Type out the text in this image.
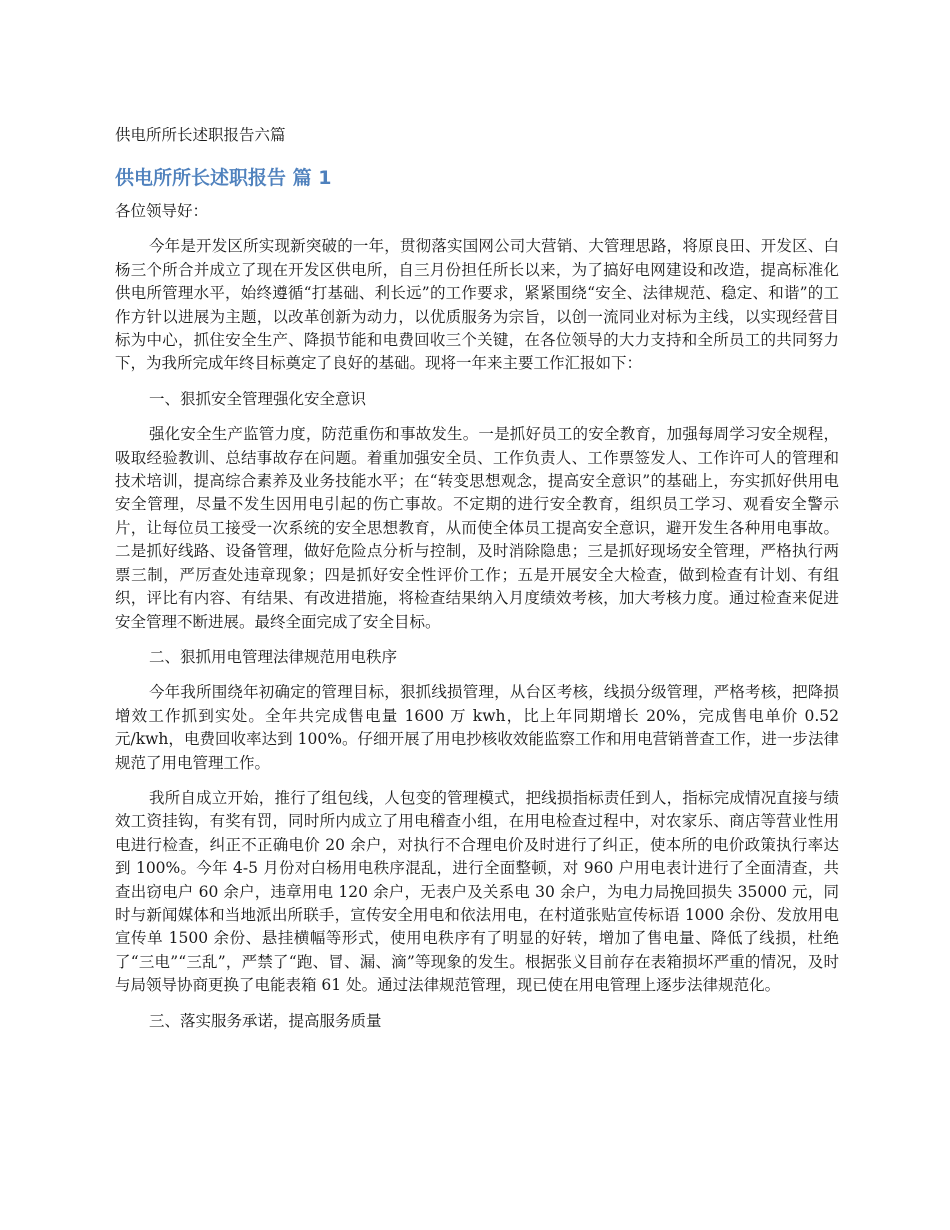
供电所所长述职报告六篇
供电所所长述职报告 篇 1

各位领导好：

今年是开发区所实现新突破的一年，贯彻落实国网公司大营销、大管理思路，将原良田、开发区、白杨三个所合并成立了现在开发区供电所，自三月份担任所长以来，为了搞好电网建设和改造，提高标准化供电所管理水平，始终遵循“打基础、利长远”的工作要求，紧紧围绕“安全、法律规范、稳定、和谐”的工作方针以进展为主题，以改革创新为动力，以优质服务为宗旨，以创一流同业对标为主线，以实现经营目标为中心，抓住安全生产、降损节能和电费回收三个关键，在各位领导的大力支持和全所员工的共同努力下，为我所完成年终目标奠定了良好的基础。现将一年来主要工作汇报如下：

一、狠抓安全管理强化安全意识

强化安全生产监管力度，防范重伤和事故发生。一是抓好员工的安全教育，加强每周学习安全规程，吸取经验教训、总结事故存在问题。着重加强安全员、工作负责人、工作票签发人、工作许可人的管理和技术培训，提高综合素养及业务技能水平；在“转变思想观念，提高安全意识”的基础上，夯实抓好供用电安全管理，尽量不发生因用电引起的伤亡事故。不定期的进行安全教育，组织员工学习、观看安全警示片，让每位员工接受一次系统的安全思想教育，从而使全体员工提高安全意识，避开发生各种用电事故。二是抓好线路、设备管理，做好危险点分析与控制，及时消除隐患；三是抓好现场安全管理，严格执行两票三制，严厉查处违章现象；四是抓好安全性评价工作；五是开展安全大检查，做到检查有计划、有组织，评比有内容、有结果、有改进措施，将检查结果纳入月度绩效考核，加大考核力度。通过检查来促进安全管理不断进展。最终全面完成了安全目标。

二、狠抓用电管理法律规范用电秩序

今年我所围绕年初确定的管理目标，狠抓线损管理，从台区考核，线损分级管理，严格考核，把降损增效工作抓到实处。全年共完成售电量 1600 万 kwh，比上年同期增长 20%，完成售电单价 0.52 元/kwh，电费回收率达到 100%。仔细开展了用电抄核收效能监察工作和用电营销普查工作，进一步法律规范了用电管理工作。

我所自成立开始，推行了组包线，人包变的管理模式，把线损指标责任到人，指标完成情况直接与绩效工资挂钩，有奖有罚，同时所内成立了用电稽查小组，在用电检查过程中，对农家乐、商店等营业性用电进行检查，纠正不正确电价 20 余户，对执行不合理电价及时进行了纠正，使本所的电价政策执行率达到 100%。今年 4-5 月份对白杨用电秩序混乱，进行全面整顿，对 960 户用电表计进行了全面清查，共查出窃电户 60 余户，违章用电 120 余户，无表户及关系电 30 余户，为电力局挽回损失 35000 元，同时与新闻媒体和当地派出所联手，宣传安全用电和依法用电，在村道张贴宣传标语 1000 余份、发放用电宣传单 1500 余份、悬挂横幅等形式，使用电秩序有了明显的好转，增加了售电量、降低了线损，杜绝了“三电”“三乱”，严禁了“跑、冒、漏、滴”等现象的发生。根据张义目前存在表箱损坏严重的情况，及时与局领导协商更换了电能表箱 61 处。通过法律规范管理，现已使在用电管理上逐步法律规范化。

三、落实服务承诺，提高服务质量
